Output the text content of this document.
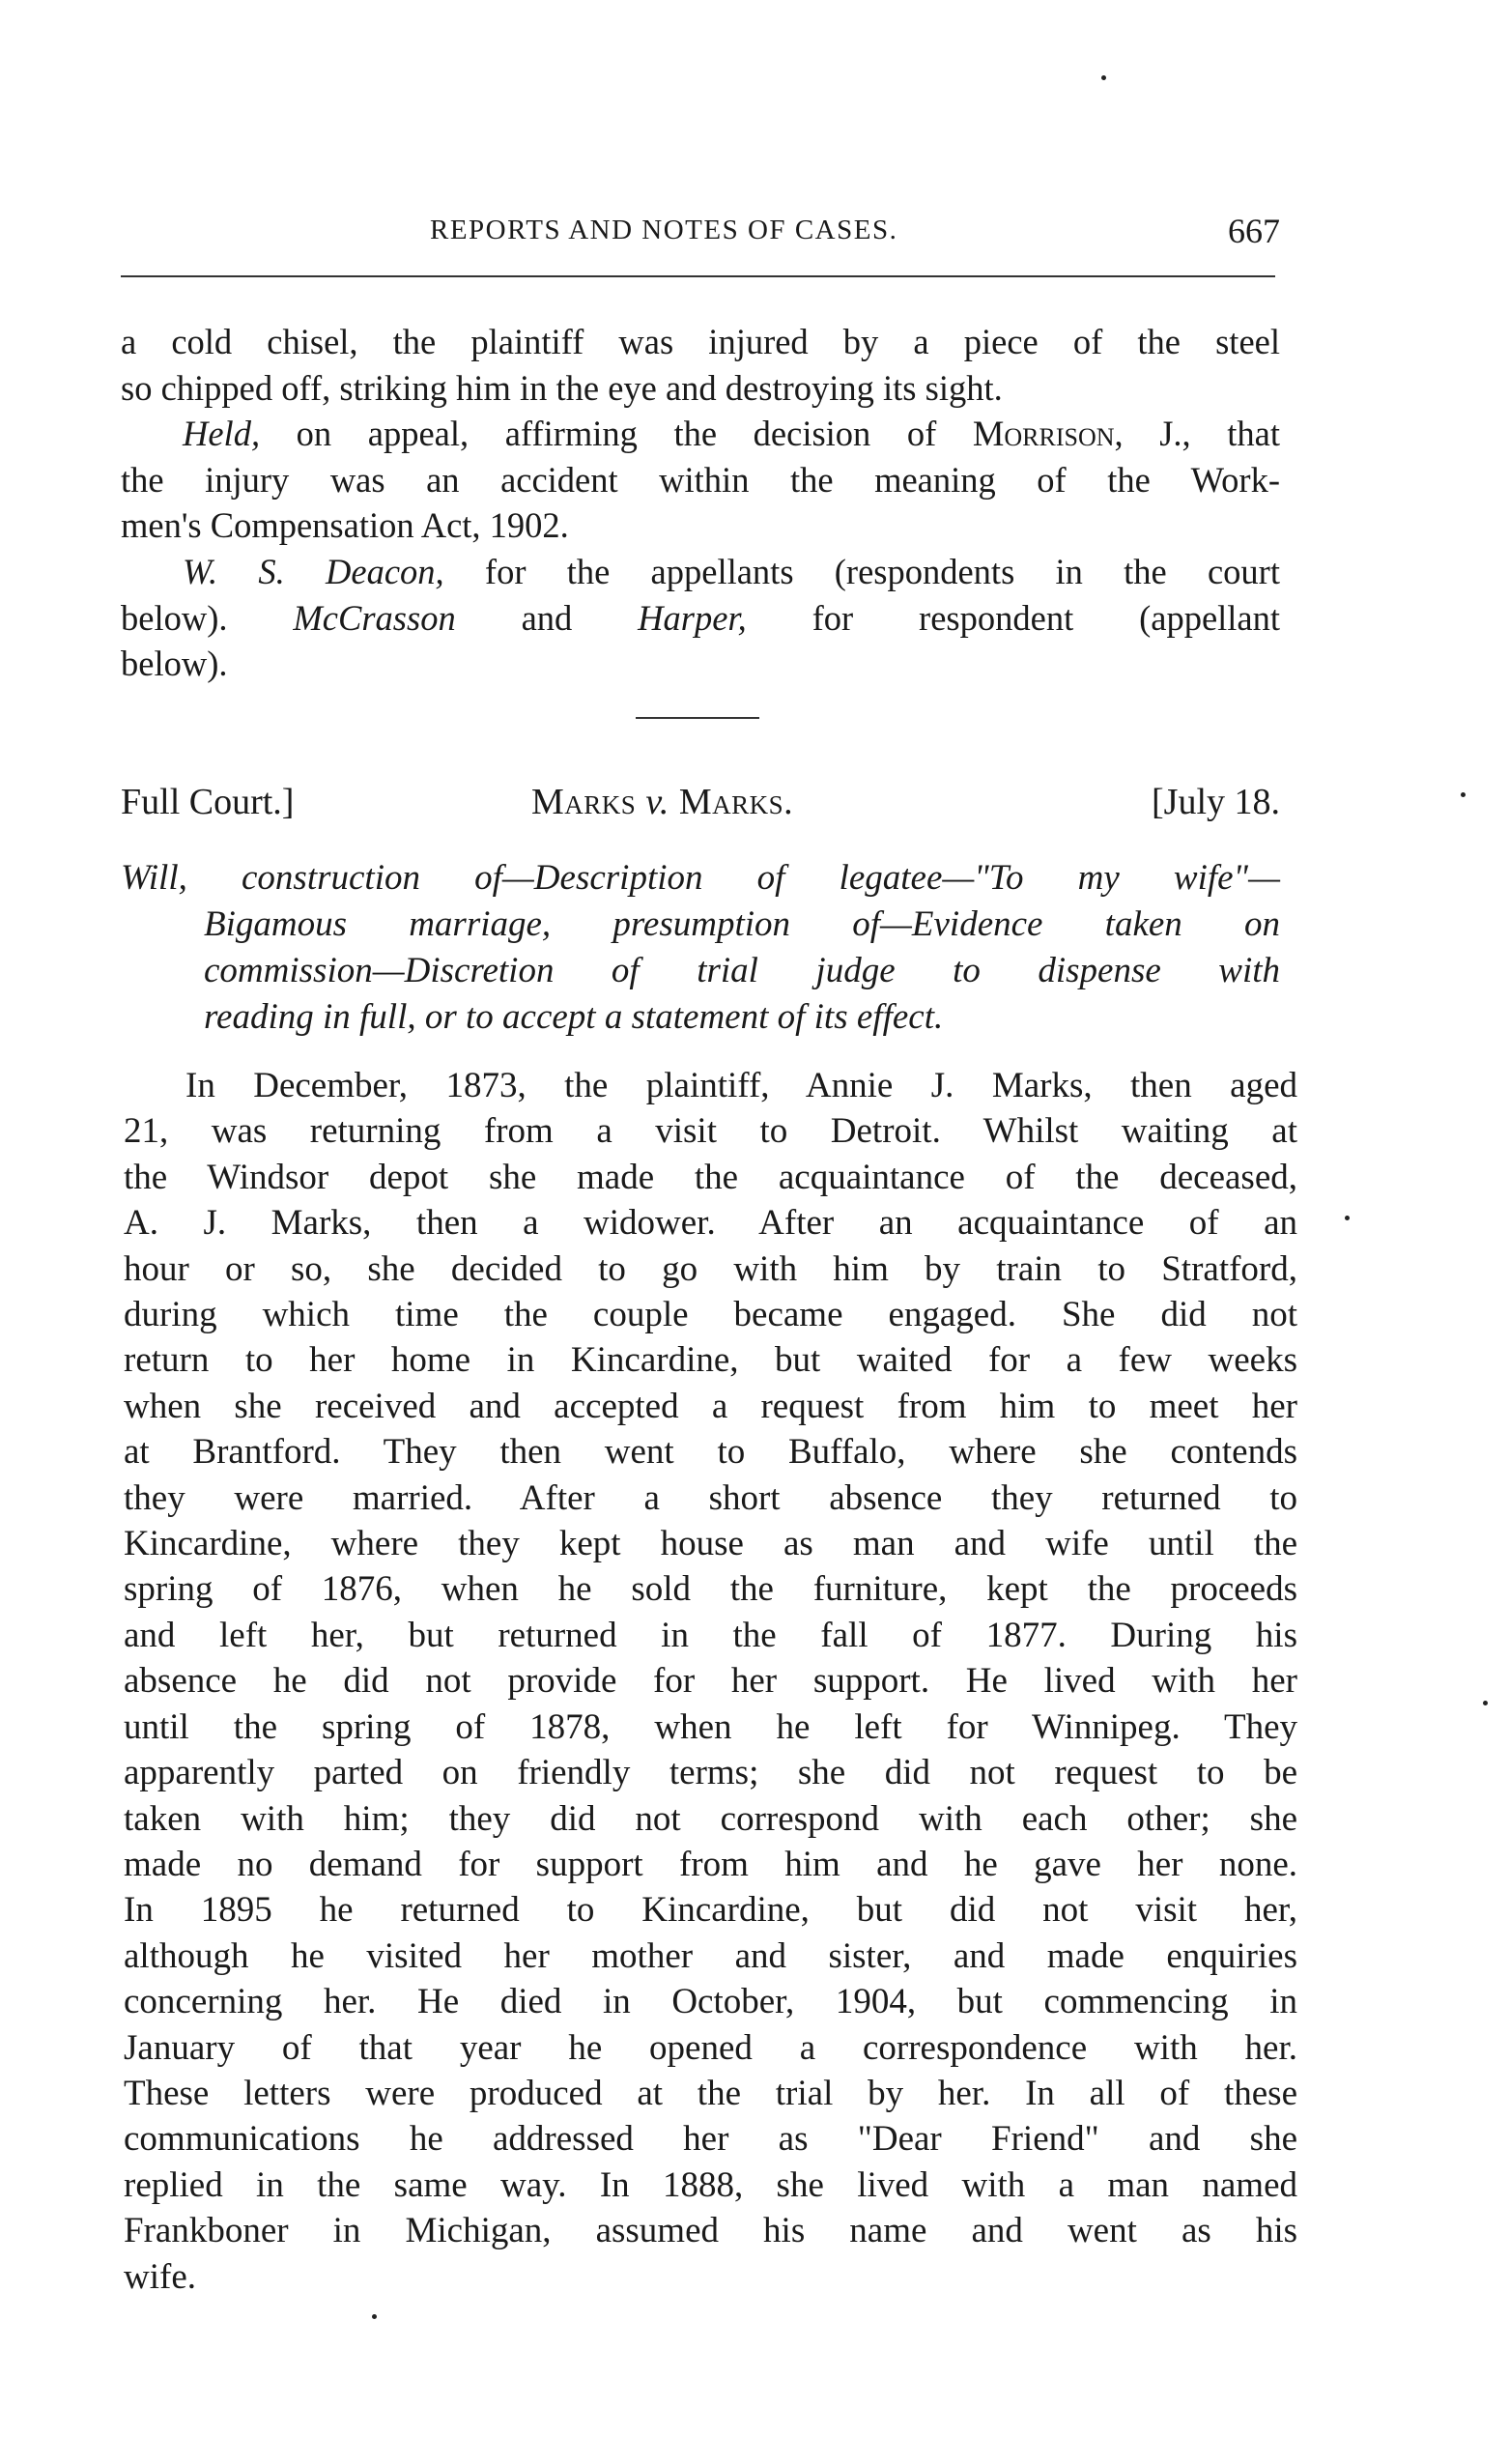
REPORTS AND NOTES OF CASES.	667
a cold chisel, the plaintiff was injured by a piece of the steel
so chipped off, striking him in the eye and destroying its sight.
Held, on appeal, affirming the decision of Morrison, J., that
the injury was an accident within the meaning of the Work-
men's Compensation Act, 1902.
W. S. Deacon, for the appellants (respondents in the court
below). McCrasson and Harper, for respondent (appellant
below).
Full Court.]	Marks v. Marks.	[July 18.
Will, construction of—Description of legatee—"To my wife"—
Bigamous marriage, presumption of—Evidence taken on
commission—Discretion of trial judge to dispense with
reading in full, or to accept a statement of its effect.
In December, 1873, the plaintiff, Annie J. Marks, then aged
21, was returning from a visit to Detroit. Whilst waiting at
the Windsor depot she made the acquaintance of the deceased,
A. J. Marks, then a widower. After an acquaintance of an
hour or so, she decided to go with him by train to Stratford,
during which time the couple became engaged. She did not
return to her home in Kincardine, but waited for a few weeks
when she received and accepted a request from him to meet her
at Brantford. They then went to Buffalo, where she contends
they were married. After a short absence they returned to
Kincardine, where they kept house as man and wife until the
spring of 1876, when he sold the furniture, kept the proceeds
and left her, but returned in the fall of 1877. During his
absence he did not provide for her support. He lived with her
until the spring of 1878, when he left for Winnipeg. They
apparently parted on friendly terms; she did not request to be
taken with him; they did not correspond with each other; she
made no demand for support from him and he gave her none.
In 1895 he returned to Kincardine, but did not visit her,
although he visited her mother and sister, and made enquiries
concerning her. He died in October, 1904, but commencing in
January of that year he opened a correspondence with her.
These letters were produced at the trial by her. In all of these
communications he addressed her as "Dear Friend" and she
replied in the same way. In 1888, she lived with a man named
Frankboner in Michigan, assumed his name and went as his
wife.
